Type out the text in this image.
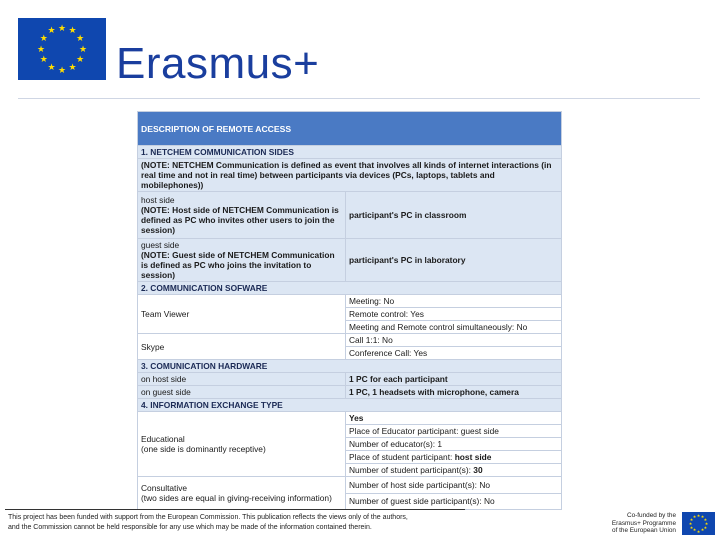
★ ★
★
★
★
★
★
★
★
★
★
★
Erasmus+
DESCRIPTION OF REMOTE ACCESS	
1. NETCHEM COMMUNICATION SIDES	
(NOTE: NETCHEM Communication is defined as event that involves all kinds of internet interactions (in real time and not in real time) between participants via devices (PCs, laptops, tablets and mobilephones))	

host side
(NOTE: Host side of NETCHEM Communication is defined as PC who invites other users to join the session)	participant's PC in classroom

guest side
(NOTE: Guest side of NETCHEM Communication is defined as PC who joins the invitation to session)	participant's PC in laboratory
2. COMMUNICATION SOFWARE	
Team Viewer	Meeting: No
	Remote control: Yes
	Meeting and Remote control simultaneously: No
Skype	Call 1:1: No
	Conference Call: Yes
3. COMUNICATION HARDWARE	
on host side	1 PC for each participant
on guest side	1 PC, 1 headsets with microphone, camera
4. INFORMATION EXCHANGE TYPE	

Educational
(one side is dominantly receptive)	Yes
	Place of Educator participant: guest side
	Number of educator(s): 1
	Place of student participant: host side
	Number of student participant(s): 30

Consultative
(two sides are equal in giving-receiving information)	Number of host side participant(s): No
	Number of guest side participant(s): No
This project has been funded with support from the European Commission. This publication reflects the views only of the authors,
and the Commission cannot be held responsible for any use which may be made of the information contained therein.
Co-funded by the
Erasmus+ Programme
of the European Union
★ ★
★
★
★
★
★
★
★
★
★
★
